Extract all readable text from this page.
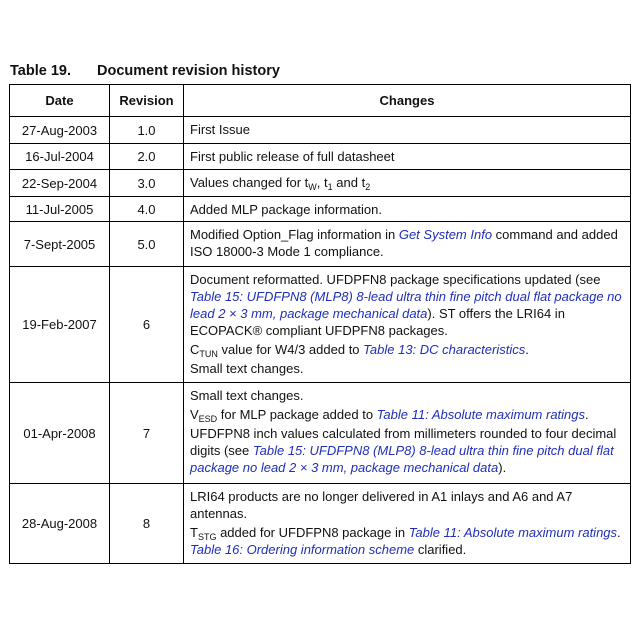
Table 19. Document revision history
Date	Revision	Changes
27-Aug-2003	1.0	First Issue

16-Jul-2004	2.0	First public release of full datasheet

22-Sep-2004	3.0	Values changed for $t_W$, $t_1$ and $t_2$

11-Jul-2005	4.0	Added MLP package information.

7-Sept-2005	5.0	Modified Option_Flag information in Get System Info command and added ISO 18000-3 Mode 1 compliance.

19-Feb-2007	6	Document reformatted. UFDPFN8 package specifications updated (see Table 15: UFDFPN8 (MLP8) 8-lead ultra thin fine pitch dual flat package no lead 2 × 3 mm, package mechanical data). ST offers the LRI64 in ECOPACK® compliant UFDPFN8 packages.

$C_{TUN}$ value for W4/3 added to Table 13: DC characteristics.

Small text changes.

01-Apr-2008	7	Small text changes.

$V_{ESD}$ for MLP package added to Table 11: Absolute maximum ratings.

UFDFPN8 inch values calculated from millimeters rounded to four decimal digits (see Table 15: UFDFPN8 (MLP8) 8-lead ultra thin fine pitch dual flat package no lead 2 × 3 mm, package mechanical data).

28-Aug-2008	8	LRI64 products are no longer delivered in A1 inlays and A6 and A7 antennas.

$T_{STG}$ added for UFDFPN8 package in Table 11: Absolute maximum ratings. Table 16: Ordering information scheme clarified.
